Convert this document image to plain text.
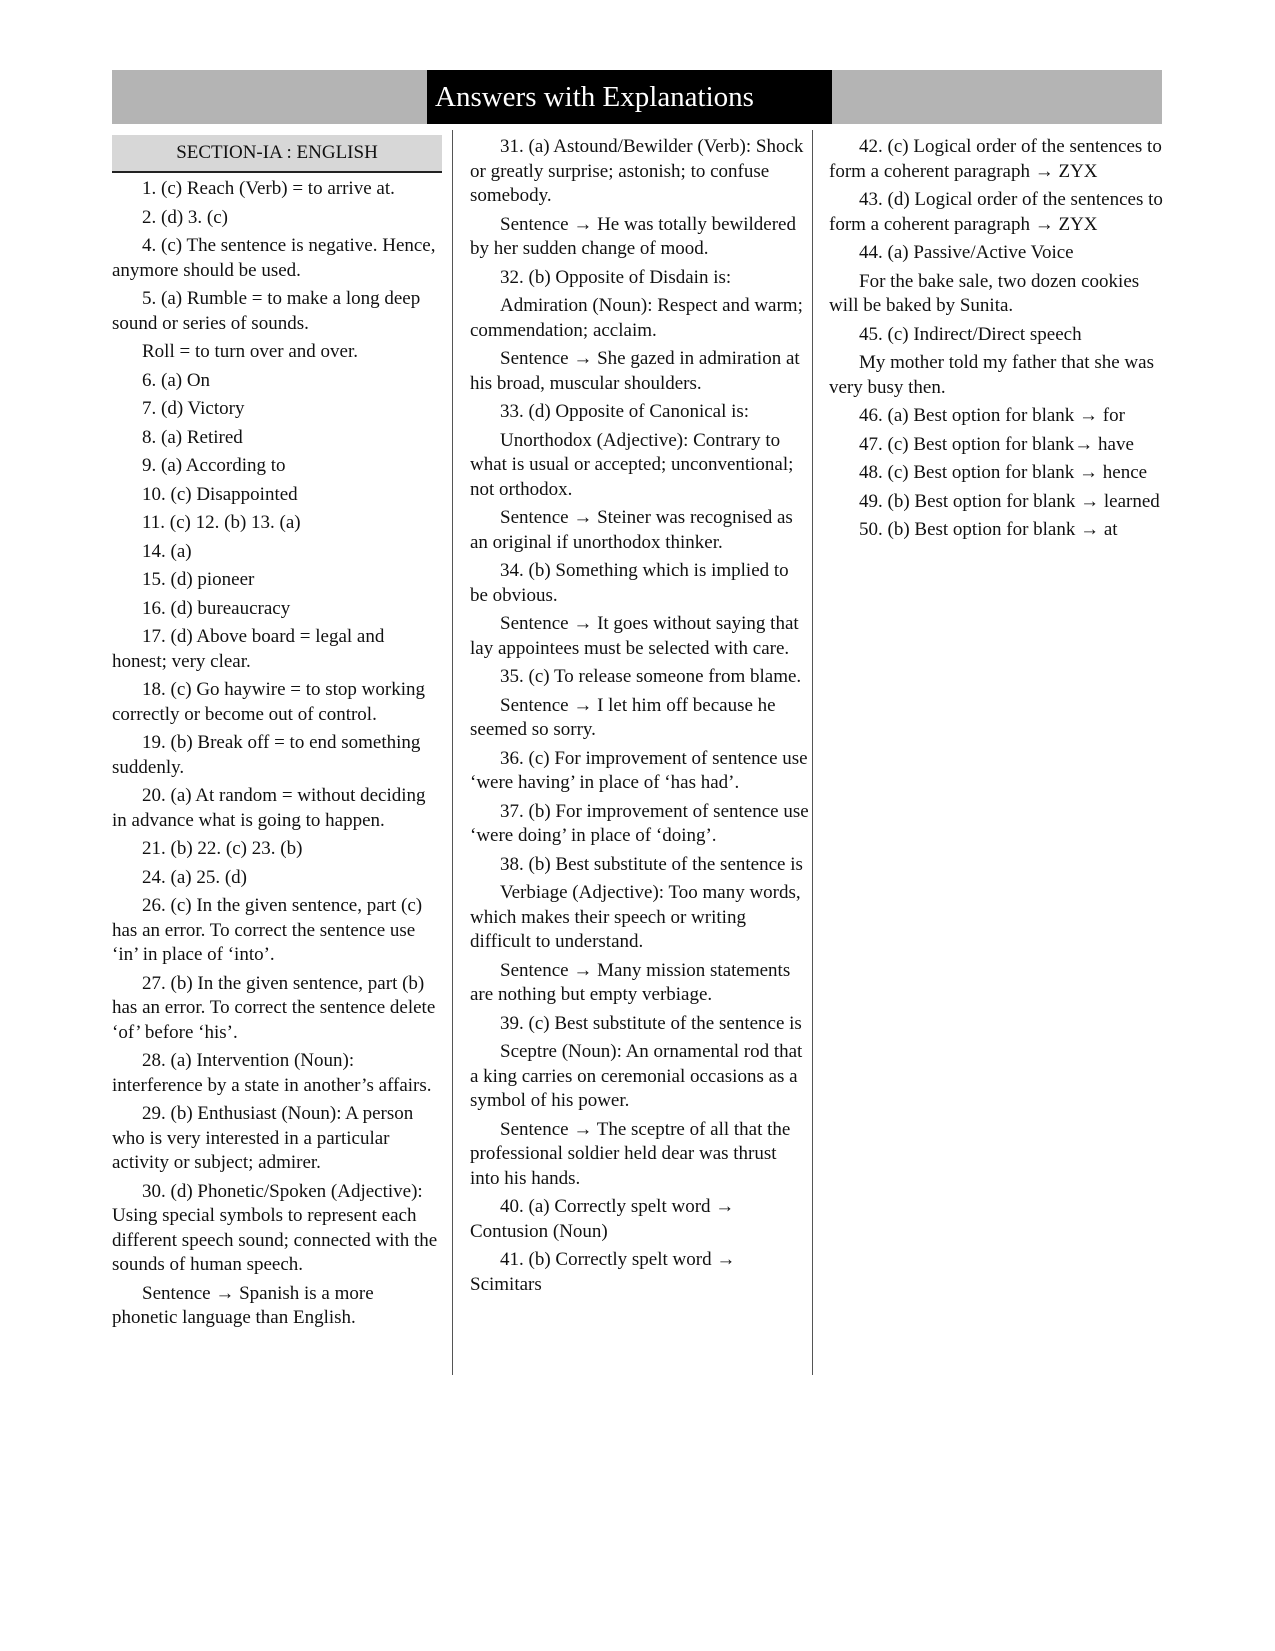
Answers with Explanations
SECTION-IA : ENGLISH
1. (c) Reach (Verb) = to arrive at.
2. (d) 3. (c)
4. (c) The sentence is negative. Hence, anymore should be used.
5. (a) Rumble = to make a long deep sound or series of sounds.
Roll = to turn over and over.
6. (a) On
7. (d) Victory
8. (a) Retired
9. (a) According to
10. (c) Disappointed
11. (c) 12. (b) 13. (a)
14. (a)
15. (d) pioneer
16. (d) bureaucracy
17. (d) Above board = legal and honest; very clear.
18. (c) Go haywire = to stop working correctly or become out of control.
19. (b) Break off = to end something suddenly.
20. (a) At random = without deciding in advance what is going to happen.
21. (b) 22. (c) 23. (b)
24. (a) 25. (d)
26. (c) In the given sentence, part (c) has an error. To correct the sentence use ‘in’ in place of ‘into’.
27. (b) In the given sentence, part (b) has an error. To correct the sentence delete ‘of’ before ‘his’.
28. (a) Intervention (Noun): interference by a state in another’s affairs.
29. (b) Enthusiast (Noun): A person who is very interested in a particular activity or subject; admirer.
30. (d) Phonetic/Spoken (Adjective): Using special symbols to represent each different speech sound; connected with the sounds of human speech.
Sentence → Spanish is a more phonetic language than English.
31. (a) Astound/Bewilder (Verb): Shock or greatly surprise; astonish; to confuse somebody.
Sentence → He was totally bewildered by her sudden change of mood.
32. (b) Opposite of Disdain is:
Admiration (Noun): Respect and warm; commendation; acclaim.
Sentence → She gazed in admiration at his broad, muscular shoulders.
33. (d) Opposite of Canonical is:
Unorthodox (Adjective): Contrary to what is usual or accepted; unconventional; not orthodox.
Sentence → Steiner was recognised as an original if unorthodox thinker.
34. (b) Something which is implied to be obvious.
Sentence → It goes without saying that lay appointees must be selected with care.
35. (c) To release someone from blame.
Sentence → I let him off because he seemed so sorry.
36. (c) For improvement of sentence use ‘were having’ in place of ‘has had’.
37. (b) For improvement of sentence use ‘were doing’ in place of ‘doing’.
38. (b) Best substitute of the sentence is
Verbiage (Adjective): Too many words, which makes their speech or writing difficult to understand.
Sentence → Many mission statements are nothing but empty verbiage.
39. (c) Best substitute of the sentence is
Sceptre (Noun): An ornamental rod that a king carries on ceremonial occasions as a symbol of his power.
Sentence → The sceptre of all that the professional soldier held dear was thrust into his hands.
40. (a) Correctly spelt word → Contusion (Noun)
41. (b) Correctly spelt word → Scimitars
42. (c) Logical order of the sentences to form a coherent paragraph → ZYX
43. (d) Logical order of the sentences to form a coherent paragraph → ZYX
44. (a) Passive/Active Voice
For the bake sale, two dozen cookies will be baked by Sunita.
45. (c) Indirect/Direct speech
My mother told my father that she was very busy then.
46. (a) Best option for blank → for
47. (c) Best option for blank→ have
48. (c) Best option for blank → hence
49. (b) Best option for blank → learned
50. (b) Best option for blank → at
